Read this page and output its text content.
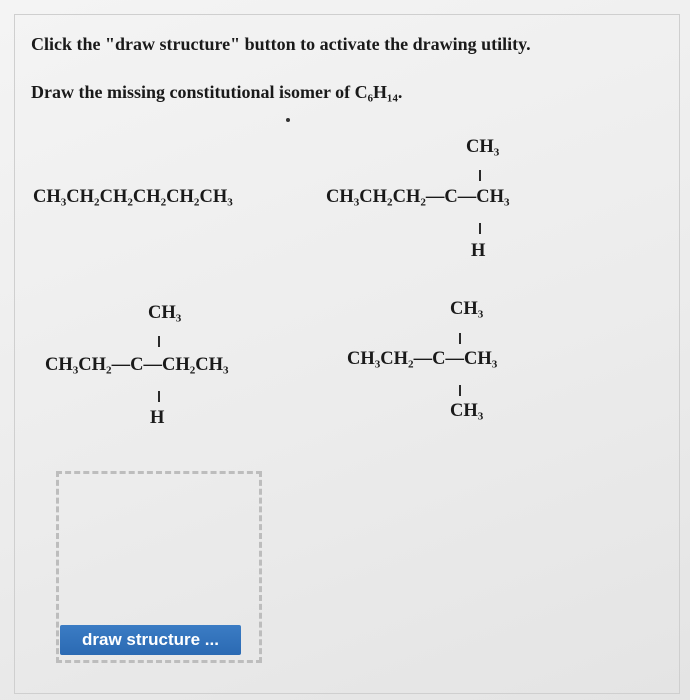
Click the "draw structure" button to activate the drawing utility.
Draw the missing constitutional isomer of C₆H₁₄.
CH₃CH₂CH₂CH₂CH₂CH₃
CH₃
CH₃CH₂CH₂—C—CH₃
H
CH₃
CH₃CH₂—C—CH₂CH₃
H
CH₃
CH₃CH₂—C—CH₃
CH₃
draw structure ...
